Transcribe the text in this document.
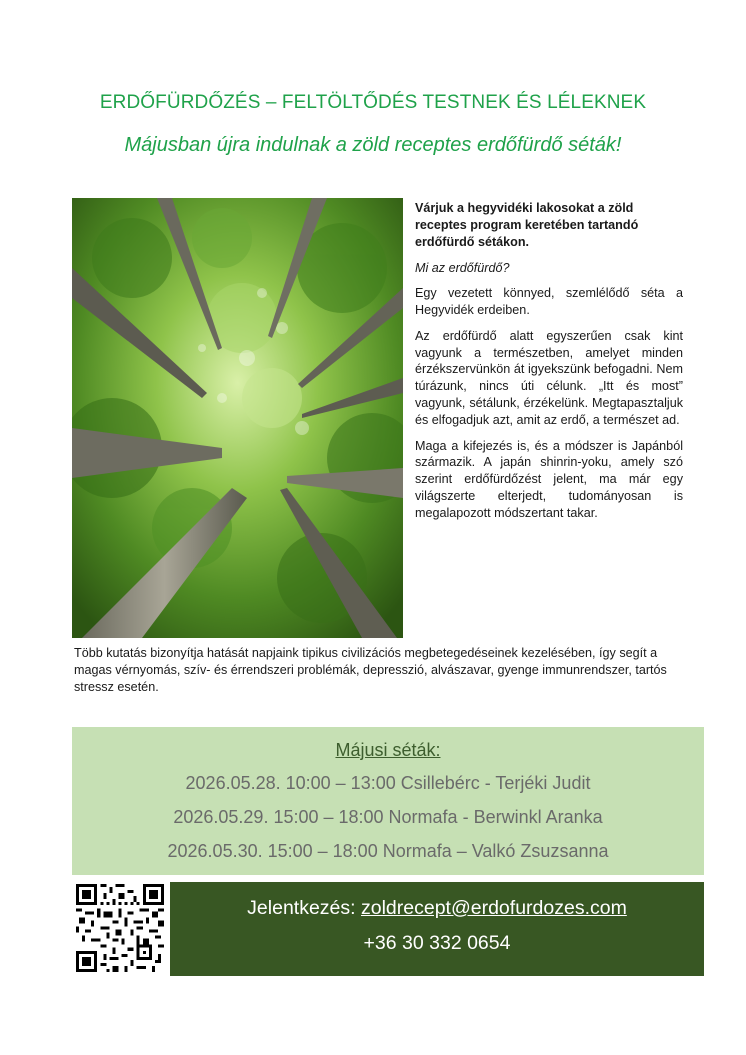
ERDŐFÜRDŐZÉS – FELTÖLTŐDÉS TESTNEK ÉS LÉLEKNEK
Májusban újra indulnak a zöld receptes erdőfürdő séták!

Várjuk a hegyvidéki lakosokat a zöld receptes program keretében tartandó erdőfürdő sétákon.

Mi az erdőfürdő?

Egy vezetett könnyed, szemlélődő séta a Hegyvidék erdeiben.

Az erdőfürdő alatt egyszerűen csak kint vagyunk a természetben, amelyet minden érzékszervünkön át igyekszünk befogadni. Nem túrázunk, nincs úti célunk. „Itt és most” vagyunk, sétálunk, érzékelünk. Megtapasztaljuk és elfogadjuk azt, amit az erdő, a természet ad.

Maga a kifejezés is, és a módszer is Japánból származik. A japán shinrin-yoku, amely szó szerint erdőfürdőzést jelent, ma már egy világszerte elterjedt, tudományosan is megalapozott módszertant takar.

Több kutatás bizonyítja hatását napjaink tipikus civilizációs megbetegedéseinek kezelésében, így segít a magas vérnyomás, szív- és érrendszeri problémák, depresszió, alvászavar, gyenge immunrendszer, tartós stressz esetén.

Májusi séták:
2026.05.28. 10:00 – 13:00 Csillebérc - Terjéki Judit
2026.05.29. 15:00 – 18:00 Normafa - Berwinkl Aranka
2026.05.30. 15:00 – 18:00 Normafa – Valkó Zsuzsanna
Jelentkezés: zoldrecept@erdofurdozes.com
+36 30 332 0654
